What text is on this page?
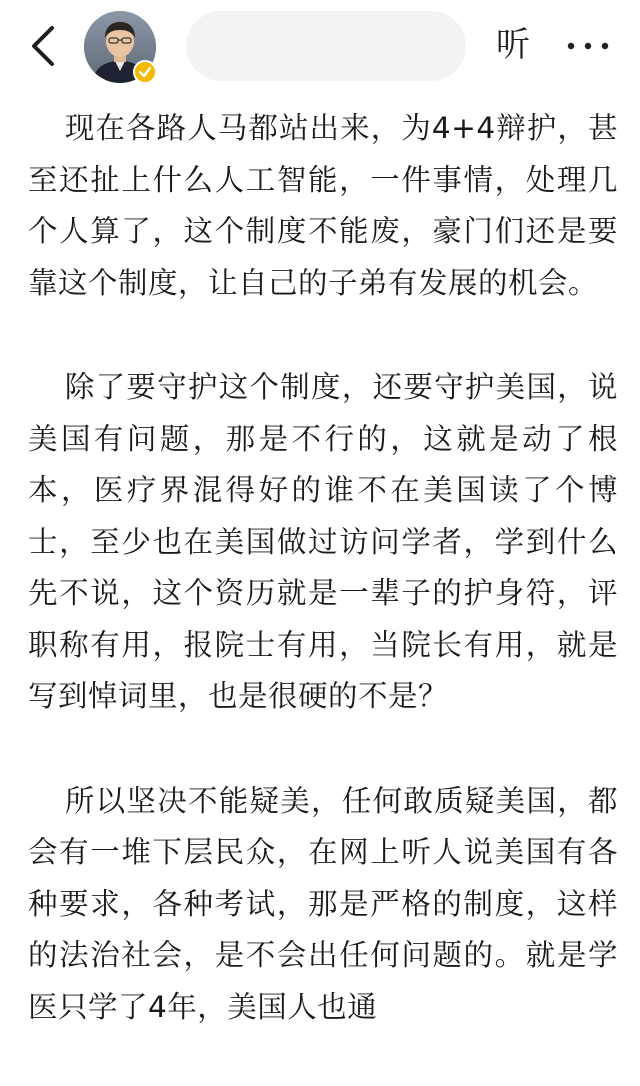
听

现在各路人马都站出来，为4+4辩护，甚至还扯上什么人工智能，一件事情，处理几个人算了，这个制度不能废，豪门们还是要靠这个制度，让自己的子弟有发展的机会。

除了要守护这个制度，还要守护美国，说美国有问题，那是不行的，这就是动了根本，医疗界混得好的谁不在美国读了个博士，至少也在美国做过访问学者，学到什么先不说，这个资历就是一辈子的护身符，评职称有用，报院士有用，当院长有用，就是写到悼词里，也是很硬的不是？

所以坚决不能疑美，任何敢质疑美国，都会有一堆下层民众，在网上听人说美国有各种要求，各种考试，那是严格的制度，这样的法治社会，是不会出任何问题的。就是学医只学了4年，美国人也通
